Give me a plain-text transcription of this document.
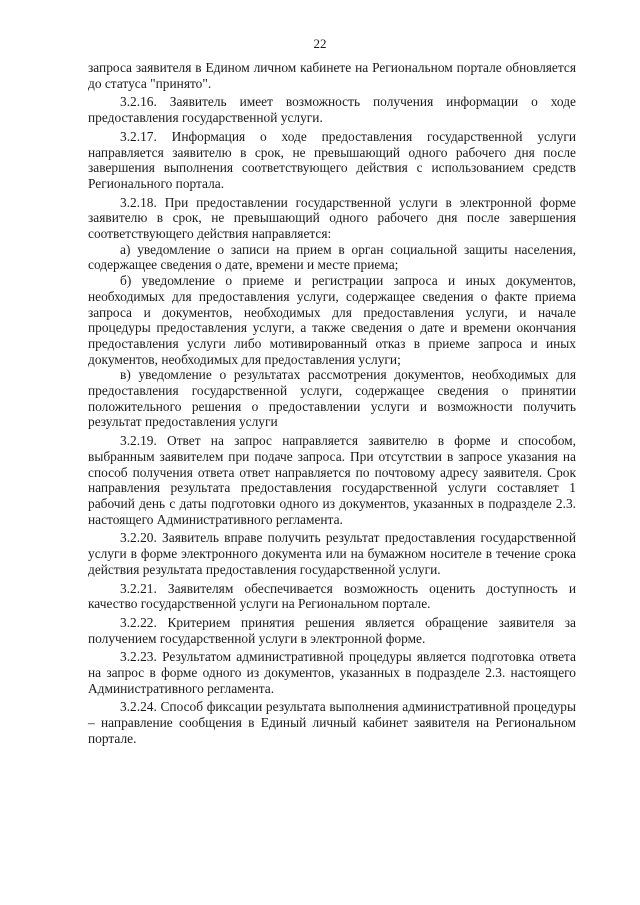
22

запроса заявителя в Едином личном кабинете на Региональном портале обновляется до статуса "принято".

3.2.16. Заявитель имеет возможность получения информации о ходе предоставления государственной услуги.

3.2.17. Информация о ходе предоставления государственной услуги направляется заявителю в срок, не превышающий одного рабочего дня после завершения выполнения соответствующего действия с использованием средств Регионального портала.

3.2.18. При предоставлении государственной услуги в электронной форме заявителю в срок, не превышающий одного рабочего дня после завершения соответствующего действия направляется:

а) уведомление о записи на прием в орган социальной защиты населения, содержащее сведения о дате, времени и месте приема;

б) уведомление о приеме и регистрации запроса и иных документов, необходимых для предоставления услуги, содержащее сведения о факте приема запроса и документов, необходимых для предоставления услуги, и начале процедуры предоставления услуги, а также сведения о дате и времени окончания предоставления услуги либо мотивированный отказ в приеме запроса и иных документов, необходимых для предоставления услуги;

в) уведомление о результатах рассмотрения документов, необходимых для предоставления государственной услуги, содержащее сведения о принятии положительного решения о предоставлении услуги и возможности получить результат предоставления услуги

3.2.19. Ответ на запрос направляется заявителю в форме и способом, выбранным заявителем при подаче запроса. При отсутствии в запросе указания на способ получения ответа ответ направляется по почтовому адресу заявителя. Срок направления результата предоставления государственной услуги составляет 1 рабочий день с даты подготовки одного из документов, указанных в подразделе 2.3. настоящего Административного регламента.

3.2.20. Заявитель вправе получить результат предоставления государственной услуги в форме электронного документа или на бумажном носителе в течение срока действия результата предоставления государственной услуги.

3.2.21. Заявителям обеспечивается возможность оценить доступность и качество государственной услуги на Региональном портале.

3.2.22. Критерием принятия решения является обращение заявителя за получением государственной услуги в электронной форме.

3.2.23. Результатом административной процедуры является подготовка ответа на запрос в форме одного из документов, указанных в подразделе 2.3. настоящего Административного регламента.

3.2.24. Способ фиксации результата выполнения административной процедуры – направление сообщения в Единый личный кабинет заявителя на Региональном портале.
